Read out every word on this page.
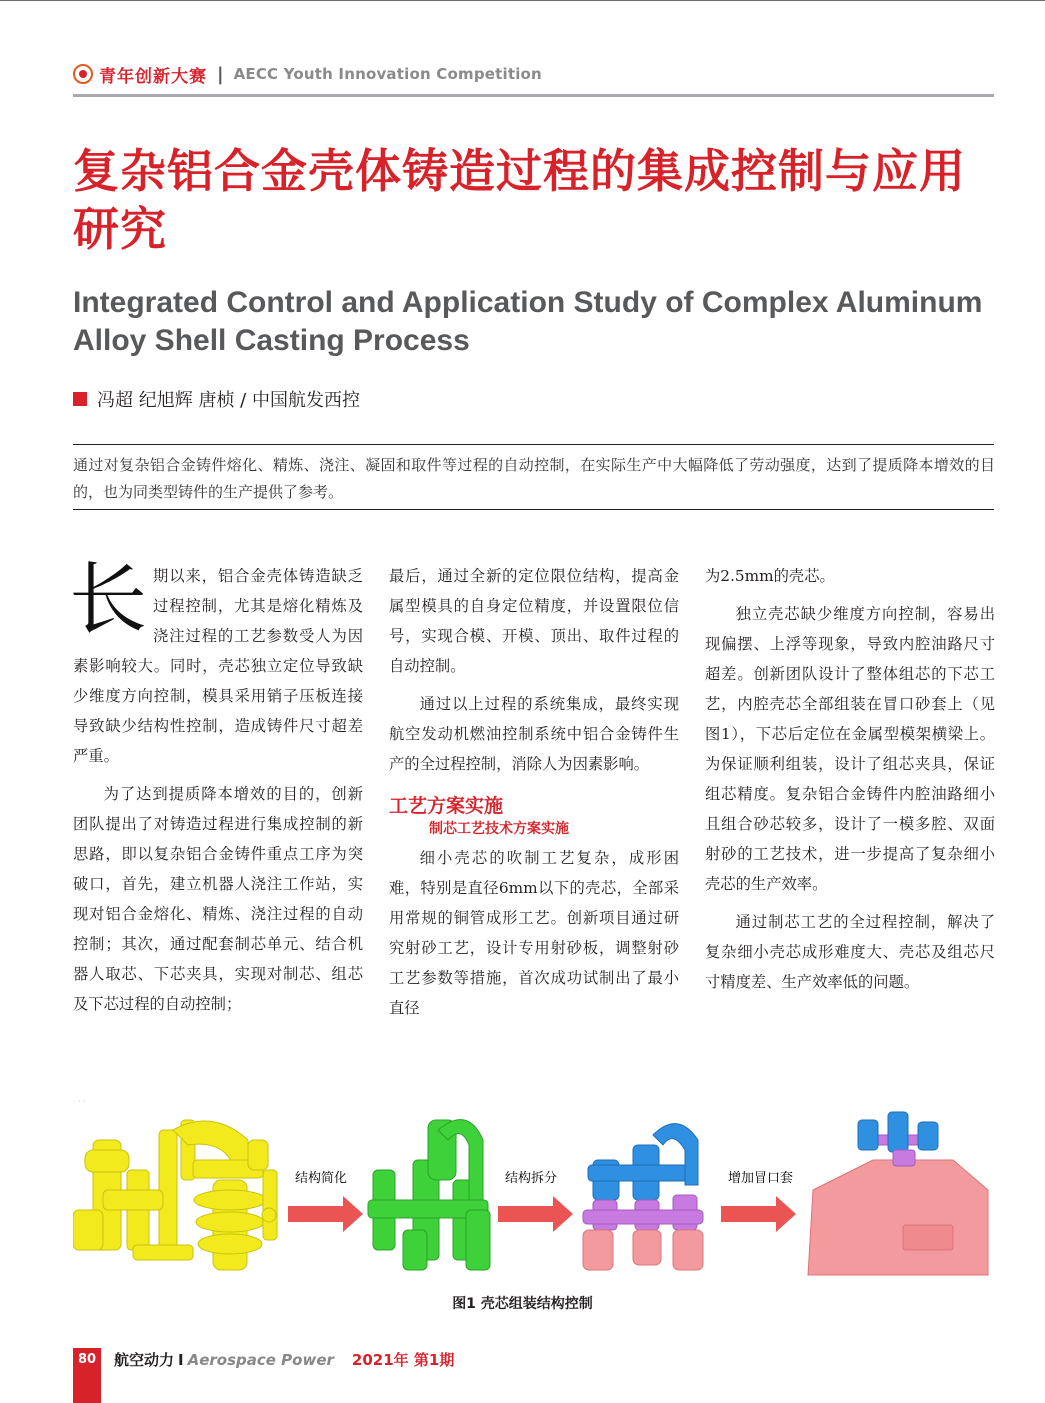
青年创新大赛 | AECC Youth Innovation Competition
复杂铝合金壳体铸造过程的集成控制与应用研究
Integrated Control and Application Study of Complex Aluminum Alloy Shell Casting Process
冯超 纪旭辉 唐桢 / 中国航发西控
通过对复杂铝合金铸件熔化、精炼、浇注、凝固和取件等过程的自动控制，在实际生产中大幅降低了劳动强度，达到了提质降本增效的目的，也为同类型铸件的生产提供了参考。

长期以来，铝合金壳体铸造缺乏过程控制，尤其是熔化精炼及浇注过程的工艺参数受人为因素影响较大。同时，壳芯独立定位导致缺少维度方向控制，模具采用销子压板连接导致缺少结构性控制，造成铸件尺寸超差严重。

为了达到提质降本增效的目的，创新团队提出了对铸造过程进行集成控制的新思路，即以复杂铝合金铸件重点工序为突破口，首先，建立机器人浇注工作站，实现对铝合金熔化、精炼、浇注过程的自动控制；其次，通过配套制芯单元、结合机器人取芯、下芯夹具，实现对制芯、组芯及下芯过程的自动控制；

最后，通过全新的定位限位结构，提高金属型模具的自身定位精度，并设置限位信号，实现合模、开模、顶出、取件过程的自动控制。

通过以上过程的系统集成，最终实现航空发动机燃油控制系统中铝合金铸件生产的全过程控制，消除人为因素影响。

工艺方案实施
制芯工艺技术方案实施

细小壳芯的吹制工艺复杂，成形困难，特别是直径6mm以下的壳芯，全部采用常规的铜管成形工艺。创新项目通过研究射砂工艺，设计专用射砂板，调整射砂工艺参数等措施，首次成功试制出了最小直径

为2.5mm的壳芯。

独立壳芯缺少维度方向控制，容易出现偏摆、上浮等现象，导致内腔油路尺寸超差。创新团队设计了整体组芯的下芯工艺，内腔壳芯全部组装在冒口砂套上（见图1），下芯后定位在金属型模架横梁上。为保证顺利组装，设计了组芯夹具，保证组芯精度。复杂铝合金铸件内腔油路细小且组合砂芯较多，设计了一模多腔、双面射砂的工艺技术，进一步提高了复杂细小壳芯的生产效率。

通过制芯工艺的全过程控制，解决了复杂细小壳芯成形难度大、壳芯及组芯尺寸精度差、生产效率低的问题。

· · ·
结构简化	结构拆分	增加冒口套
图1 壳芯组装结构控制
80	航空动力 I Aerospace Power 2021年 第1期
